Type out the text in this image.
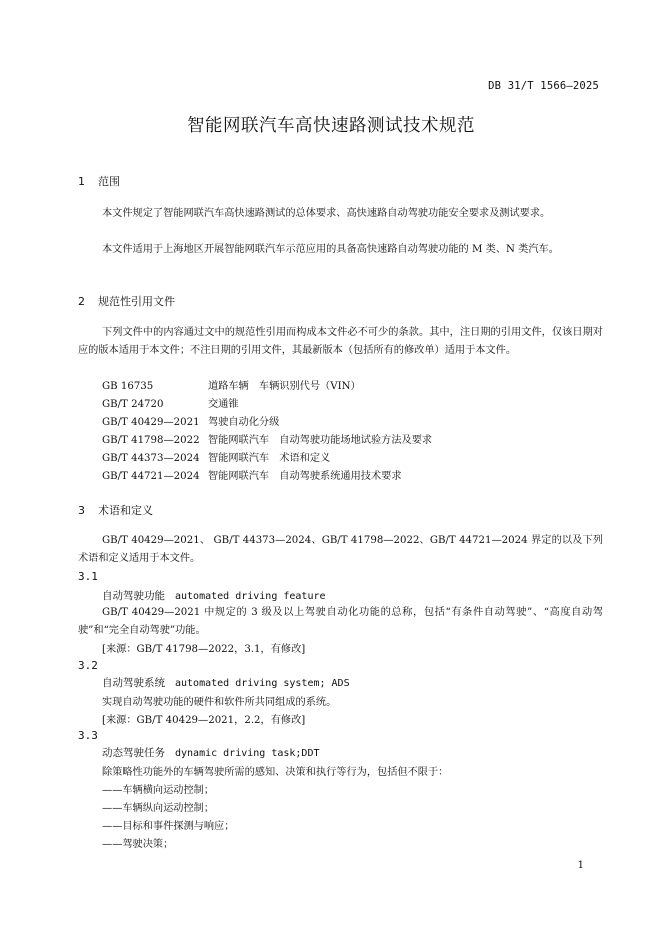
DB 31/T 1566—2025
智能网联汽车高快速路测试技术规范
1 范围

本文件规定了智能网联汽车高快速路测试的总体要求、高快速路自动驾驶功能安全要求及测试要求。

本文件适用于上海地区开展智能网联汽车示范应用的具备高快速路自动驾驶功能的 M 类、N 类汽车。

2 规范性引用文件

下列文件中的内容通过文中的规范性引用而构成本文件必不可少的条款。其中，注日期的引用文件，仅该日期对应的版本适用于本文件；不注日期的引用文件，其最新版本（包括所有的修改单）适用于本文件。

GB 16735	道路车辆　车辆识别代号（VIN）
GB/T 24720	交通锥
GB/T 40429—2021 驾驶自动化分级
GB/T 41798—2022 智能网联汽车　自动驾驶功能场地试验方法及要求
GB/T 44373—2024 智能网联汽车　术语和定义
GB/T 44721—2024 智能网联汽车　自动驾驶系统通用技术要求
3 术语和定义

GB/T 40429—2021、 GB/T 44373—2024、GB/T 41798—2022、GB/T 44721—2024 界定的以及下列术语和定义适用于本文件。

3.1
自动驾驶功能 automated driving feature

GB/T 40429—2021 中规定的 3 级及以上驾驶自动化功能的总称，包括“有条件自动驾驶”、“高度自动驾驶”和“完全自动驾驶”功能。

[来源：GB/T 41798—2022，3.1，有修改]
3.2
自动驾驶系统 automated driving system; ADS
实现自动驾驶功能的硬件和软件所共同组成的系统。
[来源：GB/T 40429—2021，2.2，有修改]
3.3
动态驾驶任务 dynamic driving task;DDT
除策略性功能外的车辆驾驶所需的感知、决策和执行等行为，包括但不限于：
——车辆横向运动控制；
——车辆纵向运动控制；
——目标和事件探测与响应；
——驾驶决策；
1
